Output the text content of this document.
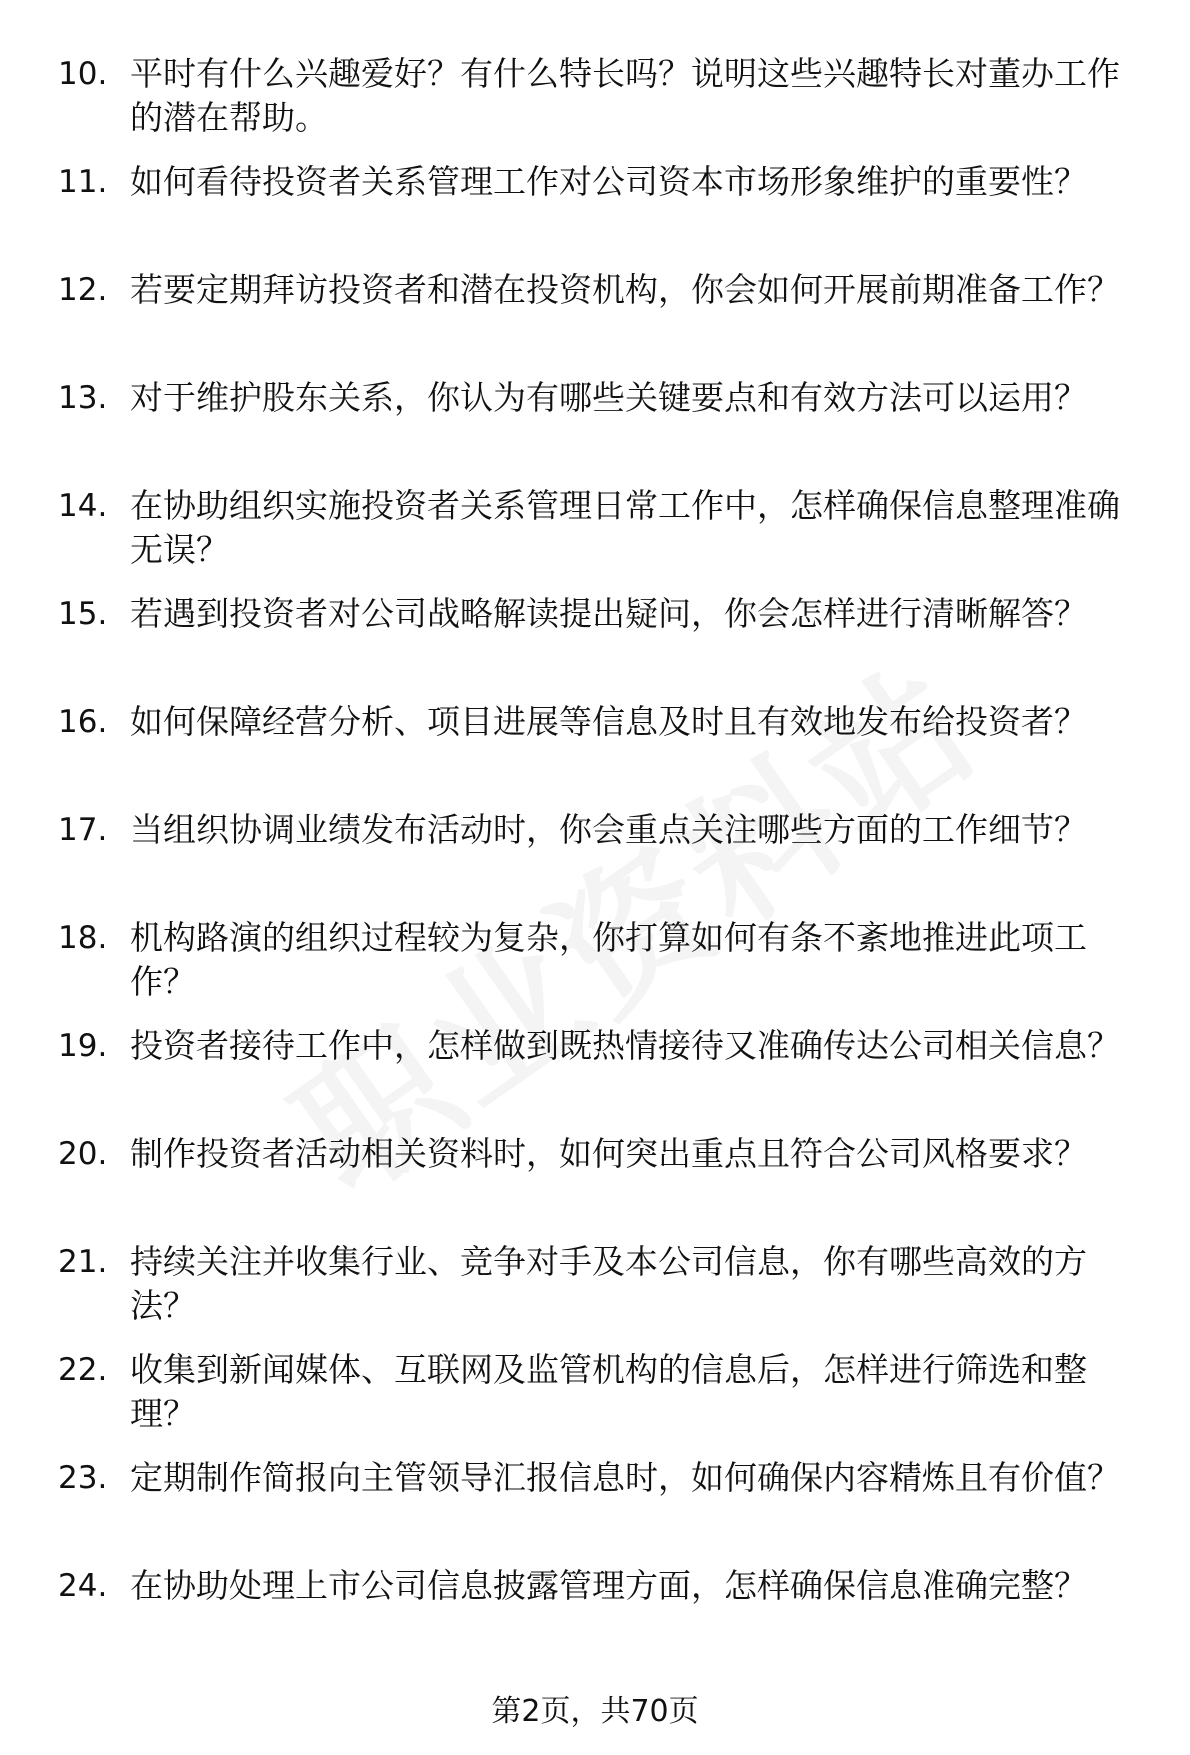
10. 平时有什么兴趣爱好？有什么特长吗？说明这些兴趣特长对董办工作的潜在帮助。
11. 如何看待投资者关系管理工作对公司资本市场形象维护的重要性？
12. 若要定期拜访投资者和潜在投资机构，你会如何开展前期准备工作？
13. 对于维护股东关系，你认为有哪些关键要点和有效方法可以运用？
14. 在协助组织实施投资者关系管理日常工作中，怎样确保信息整理准确无误？
15. 若遇到投资者对公司战略解读提出疑问，你会怎样进行清晰解答？
16. 如何保障经营分析、项目进展等信息及时且有效地发布给投资者？
17. 当组织协调业绩发布活动时，你会重点关注哪些方面的工作细节？
18. 机构路演的组织过程较为复杂，你打算如何有条不紊地推进此项工作？
19. 投资者接待工作中，怎样做到既热情接待又准确传达公司相关信息？
20. 制作投资者活动相关资料时，如何突出重点且符合公司风格要求？
21. 持续关注并收集行业、竞争对手及本公司信息，你有哪些高效的方法？
22. 收集到新闻媒体、互联网及监管机构的信息后，怎样进行筛选和整理？
23. 定期制作简报向主管领导汇报信息时，如何确保内容精炼且有价值？
24. 在协助处理上市公司信息披露管理方面，怎样确保信息准确完整？
第2页，共70页
